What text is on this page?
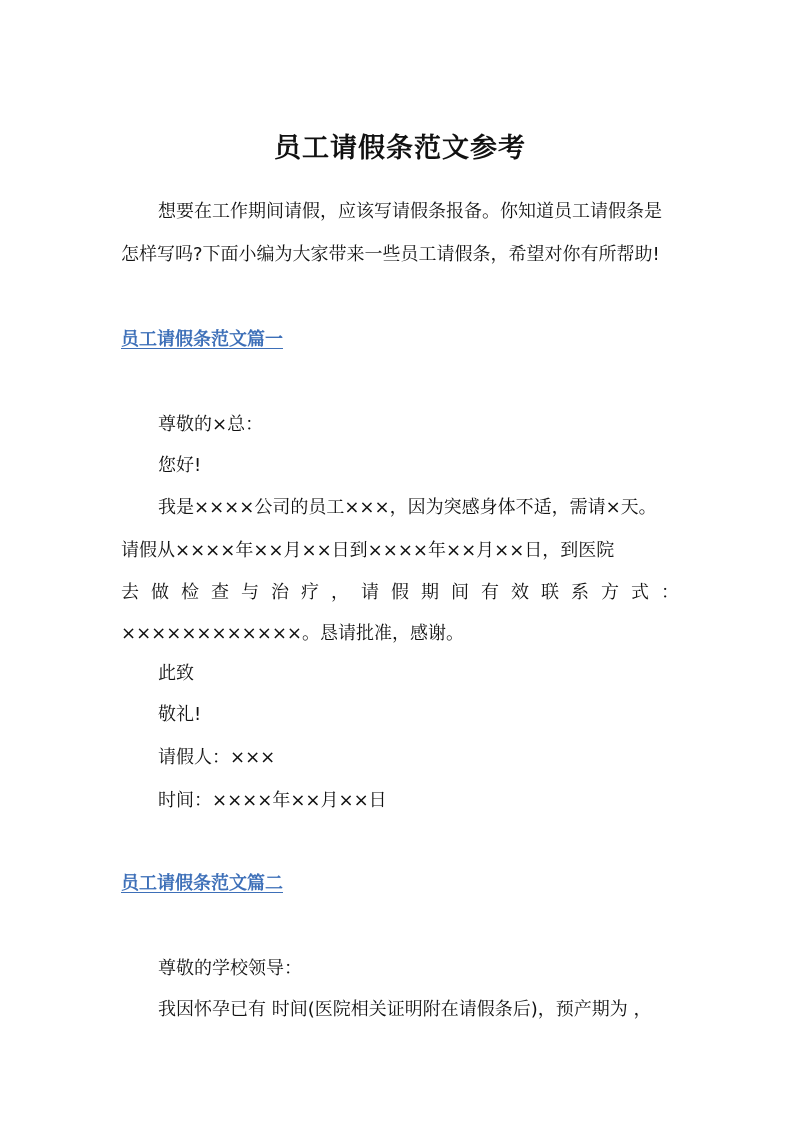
员工请假条范文参考
想要在工作期间请假，应该写请假条报备。你知道员工请假条是
怎样写吗?下面小编为大家带来一些员工请假条，希望对你有所帮助!
员工请假条范文篇一
尊敬的×总：
您好!
我是××××公司的员工×××，因为突感身体不适，需请×天。
请假从××××年××月××日到××××年××月××日，到医院
去 做 检 查 与 治 疗 ， 请 假 期 间 有 效 联 系 方 式 ：
××××××××××××。恳请批准，感谢。
此致
敬礼!
请假人：×××
时间：××××年××月××日
员工请假条范文篇二
尊敬的学校领导：
我因怀孕已有 时间(医院相关证明附在请假条后)，预产期为 ，
